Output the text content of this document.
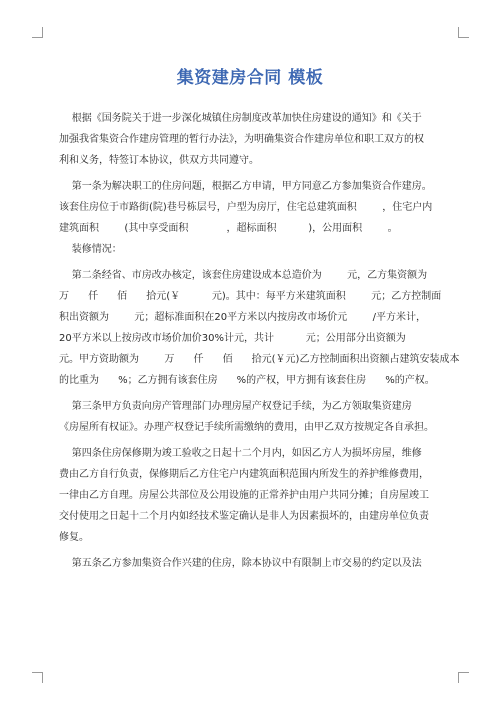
集资建房合同 模板
根据《国务院关于进一步深化城镇住房制度改革加快住房建设的通知》和《关于
加强我省集资合作建房管理的暂行办法》，为明确集资合作建房单位和职工双方的权
利和义务，特签订本协议，供双方共同遵守。
第一条为解决职工的住房问题，根据乙方申请，甲方同意乙方参加集资合作建房。
该套住房位于市路街(院)巷号栋层号，户型为房厅，住宅总建筑面积        ，住宅户内
建筑面积        (其中享受面积            ，超标面积          )，公用面积        。
装修情况：
第二条经省、市房改办核定，该套住房建设成本总造价为        元，乙方集资额为
万      仟      佰      拾元(￥          元)。其中：每平方米建筑面积        元；乙方控制面
积出资额为        元；超标准面积在20平方米以内按房改市场价元        /平方米计，
20平方米以上按房改市场价加价30%计元，共计          元；公用部分出资额为
元。甲方资助额为        万      仟      佰      拾元(￥元)乙方控制面积出资额占建筑安装成本
的比重为      %；乙方拥有该套住房      %的产权，甲方拥有该套住房      %的产权。
第三条甲方负责向房产管理部门办理房屋产权登记手续，为乙方领取集资建房
《房屋所有权证》。办理产权登记手续所需缴纳的费用，由甲乙双方按规定各自承担。
第四条住房保修期为竣工验收之日起十二个月内，如因乙方人为损坏房屋，维修
费由乙方自行负责，保修期后乙方住宅户内建筑面积范围内所发生的养护维修费用，
一律由乙方自理。房屋公共部位及公用设施的正常养护由用户共同分摊；自房屋竣工
交付使用之日起十二个月内如经技术鉴定确认是非人为因素损坏的，由建房单位负责
修复。
第五条乙方参加集资合作兴建的住房，除本协议中有限制上市交易的约定以及法
